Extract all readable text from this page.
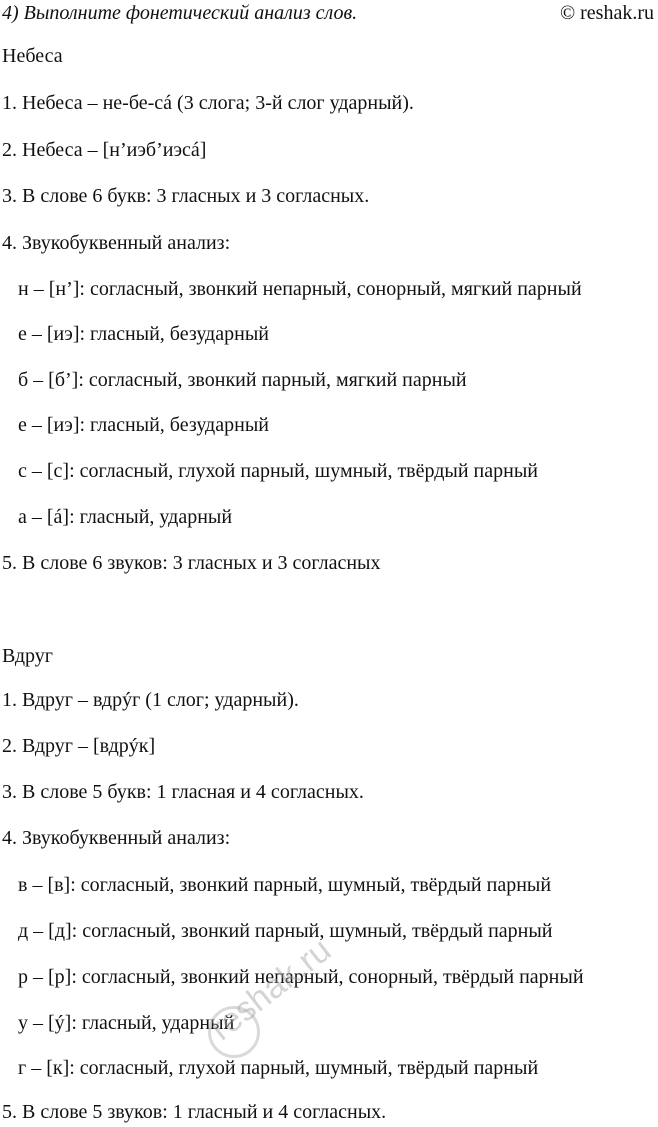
4) Выполните фонетический анализ слов.	© reshak.ru
Небеса
1. Небеса – не-бе-cá (3 слога; 3-й слог ударный).
2. Небеса – [н’иэб’иэcá]
3. В слове 6 букв: 3 гласных и 3 согласных.
4. Звукобуквенный анализ:
н – [н’]: согласный, звонкий непарный, сонорный, мягкий парный
е – [иэ]: гласный, безударный
б – [б’]: согласный, звонкий парный, мягкий парный
е – [иэ]: гласный, безударный
с – [с]: согласный, глухой парный, шумный, твёрдый парный
а – [á]: гласный, ударный
5. В слове 6 звуков: 3 гласных и 3 согласных
Вдруг
1. Вдруг – вдрýг (1 слог; ударный).
2. Вдруг – [вдрýк]
3. В слове 5 букв: 1 гласная и 4 согласных.
4. Звукобуквенный анализ:
в – [в]: согласный, звонкий парный, шумный, твёрдый парный
д – [д]: согласный, звонкий парный, шумный, твёрдый парный
р – [р]: согласный, звонкий непарный, сонорный, твёрдый парный
у – [ý]: гласный, ударный
г – [к]: согласный, глухой парный, шумный, твёрдый парный
5. В слове 5 звуков: 1 гласный и 4 согласных.
reshak.ru
